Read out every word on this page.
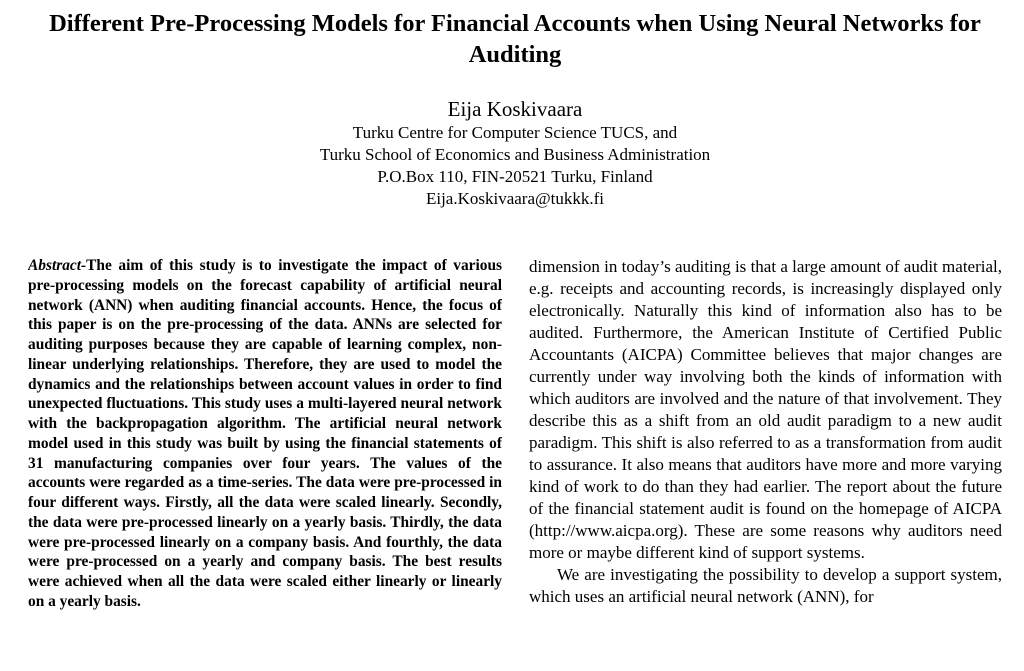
Different Pre-Processing Models for Financial Accounts when Using Neural Networks for Auditing
Eija Koskivaara
Turku Centre for Computer Science TUCS, and
Turku School of Economics and Business Administration
P.O.Box 110, FIN-20521 Turku, Finland
Eija.Koskivaara@tukkk.fi

Abstract-The aim of this study is to investigate the impact of various pre-processing models on the forecast capability of artificial neural network (ANN) when auditing financial accounts. Hence, the focus of this paper is on the pre-processing of the data. ANNs are selected for auditing purposes because they are capable of learning complex, non-linear underlying relationships. Therefore, they are used to model the dynamics and the relationships between account values in order to find unexpected fluctuations. This study uses a multi-layered neural network with the backpropagation algorithm. The artificial neural network model used in this study was built by using the financial statements of 31 manufacturing companies over four years. The values of the accounts were regarded as a time-series. The data were pre-processed in four different ways. Firstly, all the data were scaled linearly. Secondly, the data were pre-processed linearly on a yearly basis. Thirdly, the data were pre-processed linearly on a company basis. And fourthly, the data were pre-processed on a yearly and company basis. The best results were achieved when all the data were scaled either linearly or linearly on a yearly basis.

dimension in today’s auditing is that a large amount of audit material, e.g. receipts and accounting records, is increasingly displayed only electronically. Naturally this kind of information also has to be audited. Furthermore, the American Institute of Certified Public Accountants (AICPA) Committee believes that major changes are currently under way involving both the kinds of information with which auditors are involved and the nature of that involvement. They describe this as a shift from an old audit paradigm to a new audit paradigm. This shift is also referred to as a transformation from audit to assurance. It also means that auditors have more and more varying kind of work to do than they had earlier. The report about the future of the financial statement audit is found on the homepage of AICPA (http://www.aicpa.org). These are some reasons why auditors need more or maybe different kind of support systems.

We are investigating the possibility to develop a support system, which uses an artificial neural network (ANN), for
